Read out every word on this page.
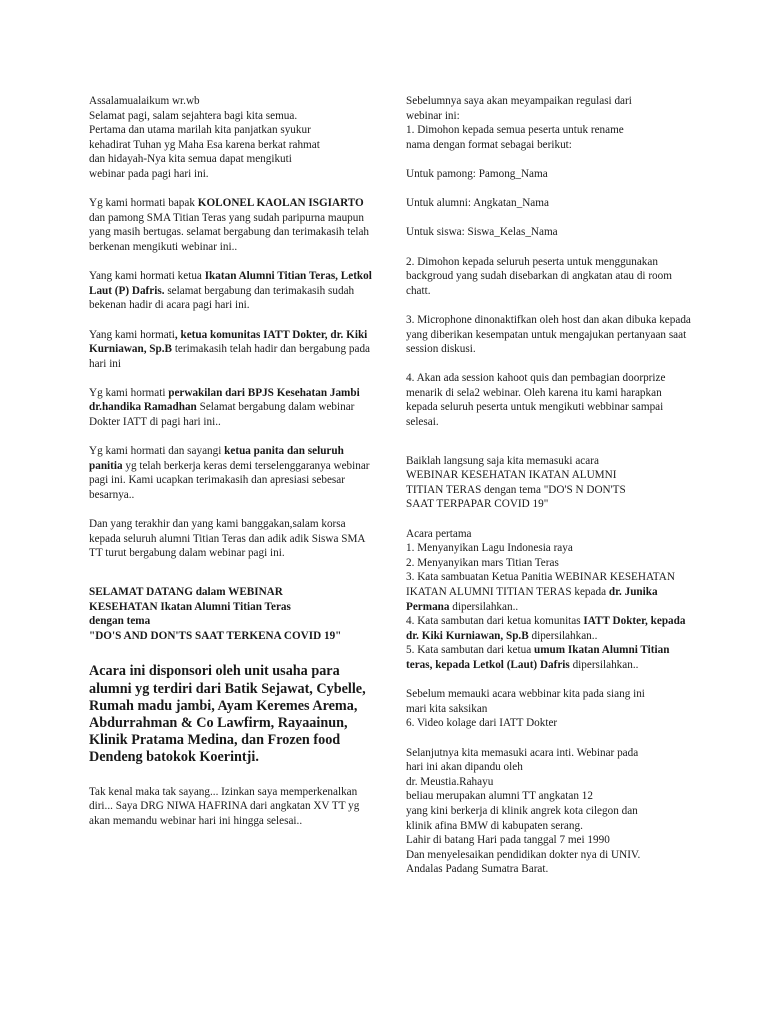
Assalamualaikum wr.wb
Selamat pagi, salam sejahtera bagi kita semua.
Pertama dan utama marilah kita panjatkan syukur
kehadirat Tuhan yg Maha Esa karena berkat rahmat
dan hidayah-Nya kita semua dapat mengikuti
webinar pada pagi hari ini.

Yg kami hormati bapak KOLONEL KAOLAN ISGIARTO dan pamong SMA Titian Teras yang sudah paripurna maupun yang masih bertugas. selamat bergabung dan terimakasih telah berkenan mengikuti webinar ini..

Yang kami hormati ketua Ikatan Alumni Titian Teras, Letkol Laut (P) Dafris. selamat bergabung dan terimakasih sudah bekenan hadir di acara pagi hari ini.

Yang kami hormati, ketua komunitas IATT Dokter, dr. Kiki Kurniawan, Sp.B terimakasih telah hadir dan bergabung pada hari ini

Yg kami hormati perwakilan dari BPJS Kesehatan Jambi dr.handika Ramadhan Selamat bergabung dalam webinar Dokter IATT di pagi hari ini..

Yg kami hormati dan sayangi ketua panita dan seluruh panitia yg telah berkerja keras demi terselenggaranya webinar pagi ini. Kami ucapkan terimakasih dan apresiasi sebesar besarnya..

Dan yang terakhir dan yang kami banggakan,salam korsa kepada seluruh alumni Titian Teras dan adik adik Siswa SMA TT turut bergabung dalam webinar pagi ini.

SELAMAT DATANG dalam WEBINAR
KESEHATAN Ikatan Alumni Titian Teras
dengan tema
"DO'S AND DON'TS SAAT TERKENA COVID 19"

Acara ini disponsori oleh unit usaha para alumni yg terdiri dari Batik Sejawat, Cybelle, Rumah madu jambi, Ayam Keremes Arema, Abdurrahman & Co Lawfirm, Rayaainun, Klinik Pratama Medina, dan Frozen food Dendeng batokok Koerintji.

Tak kenal maka tak sayang... Izinkan saya memperkenalkan diri... Saya DRG NIWA HAFRINA dari angkatan XV TT yg akan memandu webinar hari ini hingga selesai..

Sebelumnya saya akan meyampaikan regulasi dari
webinar ini:
1. Dimohon kepada semua peserta untuk rename
nama dengan format sebagai berikut:

Untuk pamong: Pamong_Nama

Untuk alumni: Angkatan_Nama

Untuk siswa: Siswa_Kelas_Nama

2. Dimohon kepada seluruh peserta untuk menggunakan backgroud yang sudah disebarkan di angkatan atau di room chatt.

3. Microphone dinonaktifkan oleh host dan akan dibuka kepada yang diberikan kesempatan untuk mengajukan pertanyaan saat session diskusi.

4. Akan ada session kahoot quis dan pembagian doorprize menarik di sela2 webinar. Oleh karena itu kami harapkan kepada seluruh peserta untuk mengikuti webbinar sampai selesai.

Baiklah langsung saja kita memasuki acara
WEBINAR KESEHATAN IKATAN ALUMNI
TITIAN TERAS dengan tema "DO'S N DON'TS
SAAT TERPAPAR COVID 19"

Acara pertama
1. Menyanyikan Lagu Indonesia raya
2. Menyanyikan mars Titian Teras
3. Kata sambuatan Ketua Panitia WEBINAR KESEHATAN IKATAN ALUMNI TITIAN TERAS kepada dr. Junika Permana dipersilahkan..
4. Kata sambutan dari ketua komunitas IATT Dokter, kepada dr. Kiki Kurniawan, Sp.B dipersilahkan..
5. Kata sambutan dari ketua umum Ikatan Alumni Titian teras, kepada Letkol (Laut) Dafris dipersilahkan..

Sebelum memauki acara webbinar kita pada siang ini
mari kita saksikan
6. Video kolage dari IATT Dokter

Selanjutnya kita memasuki acara inti. Webinar pada
hari ini akan dipandu oleh
dr. Meustia.Rahayu
beliau merupakan alumni TT angkatan 12
yang kini berkerja di klinik angrek kota cilegon dan
klinik afina BMW di kabupaten serang.
Lahir di batang Hari pada tanggal 7 mei 1990
Dan menyelesaikan pendidikan dokter nya di UNIV.
Andalas Padang Sumatra Barat.
